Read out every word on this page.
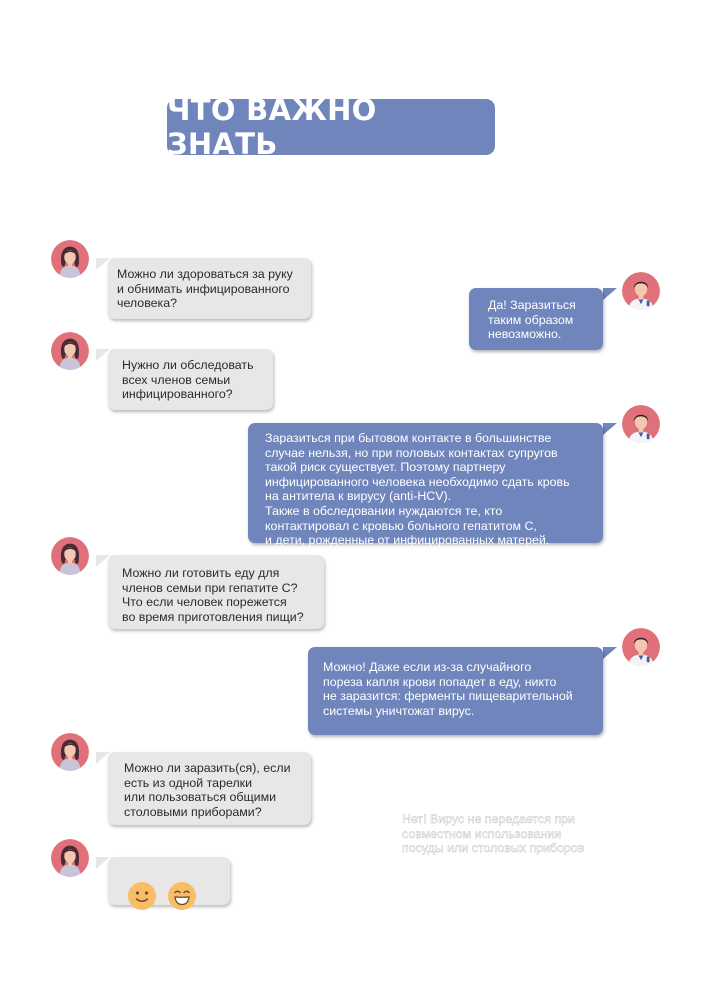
ЧТО ВАЖНО ЗНАТЬ
Можно ли здороваться за руку
и обнимать инфицированного
человека?	Да! Заразиться
таким образом
невозможно.
Нужно ли обследовать
всех членов семьи
инфицированного?
Заразиться при бытовом контакте в большинстве
случае нельзя, но при половых контактах супругов
такой риск существует. Поэтому партнеру
инфицированного человека необходимо сдать кровь
на антитела к вирусу (anti-HCV).
Также в обследовании нуждаются те, кто
контактировал с кровью больного гепатитом С,
и дети, рожденные от инфицированных матерей.
Можно ли готовить еду для
членов семьи при гепатите С?
Что если человек порежется
во время приготовления пищи?
Можно! Даже если из-за случайного
пореза капля крови попадет в еду, никто
не заразится: ферменты пищеварительной
системы уничтожат вирус.
Можно ли заразить(ся), если
есть из одной тарелки
или пользоваться общими
столовыми приборами?
Нет! Вирус не передается при
совместном использовании
посуды или столовых приборов
